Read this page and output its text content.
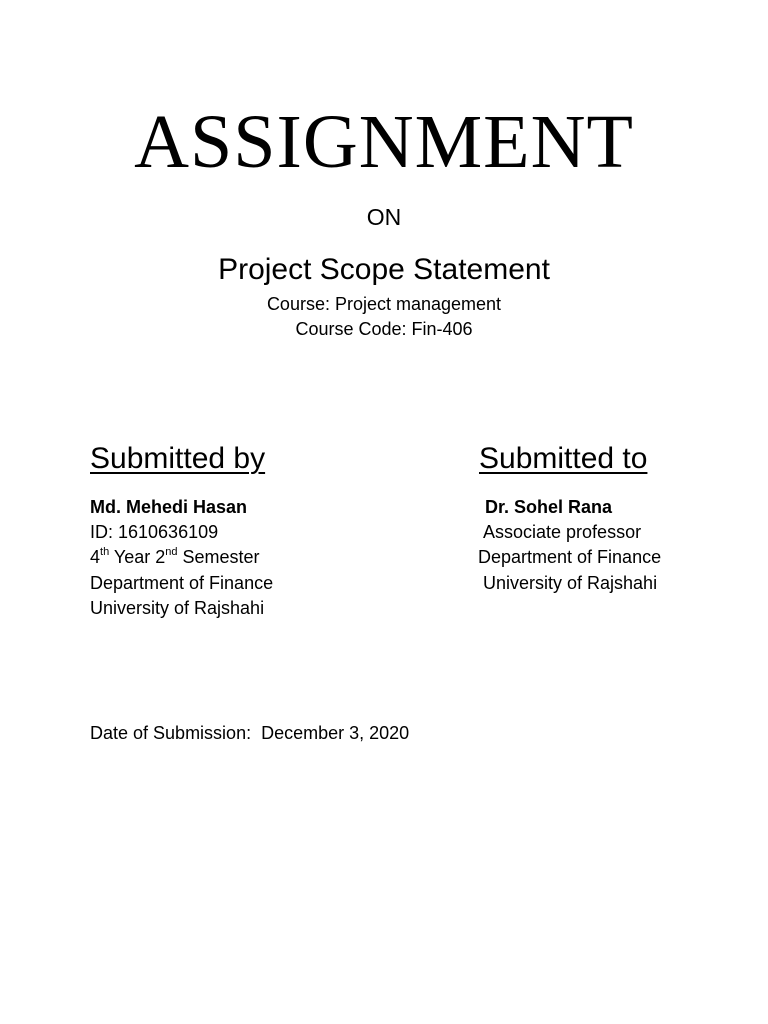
ASSIGNMENT
ON
Project Scope Statement
Course: Project management
Course Code: Fin-406
Submitted by
Md. Mehedi Hasan
ID: 1610636109
4th Year 2nd Semester
Department of Finance
University of Rajshahi
Submitted to
Dr. Sohel Rana
Associate professor
Department of Finance
University of Rajshahi
Date of Submission:  December 3, 2020
